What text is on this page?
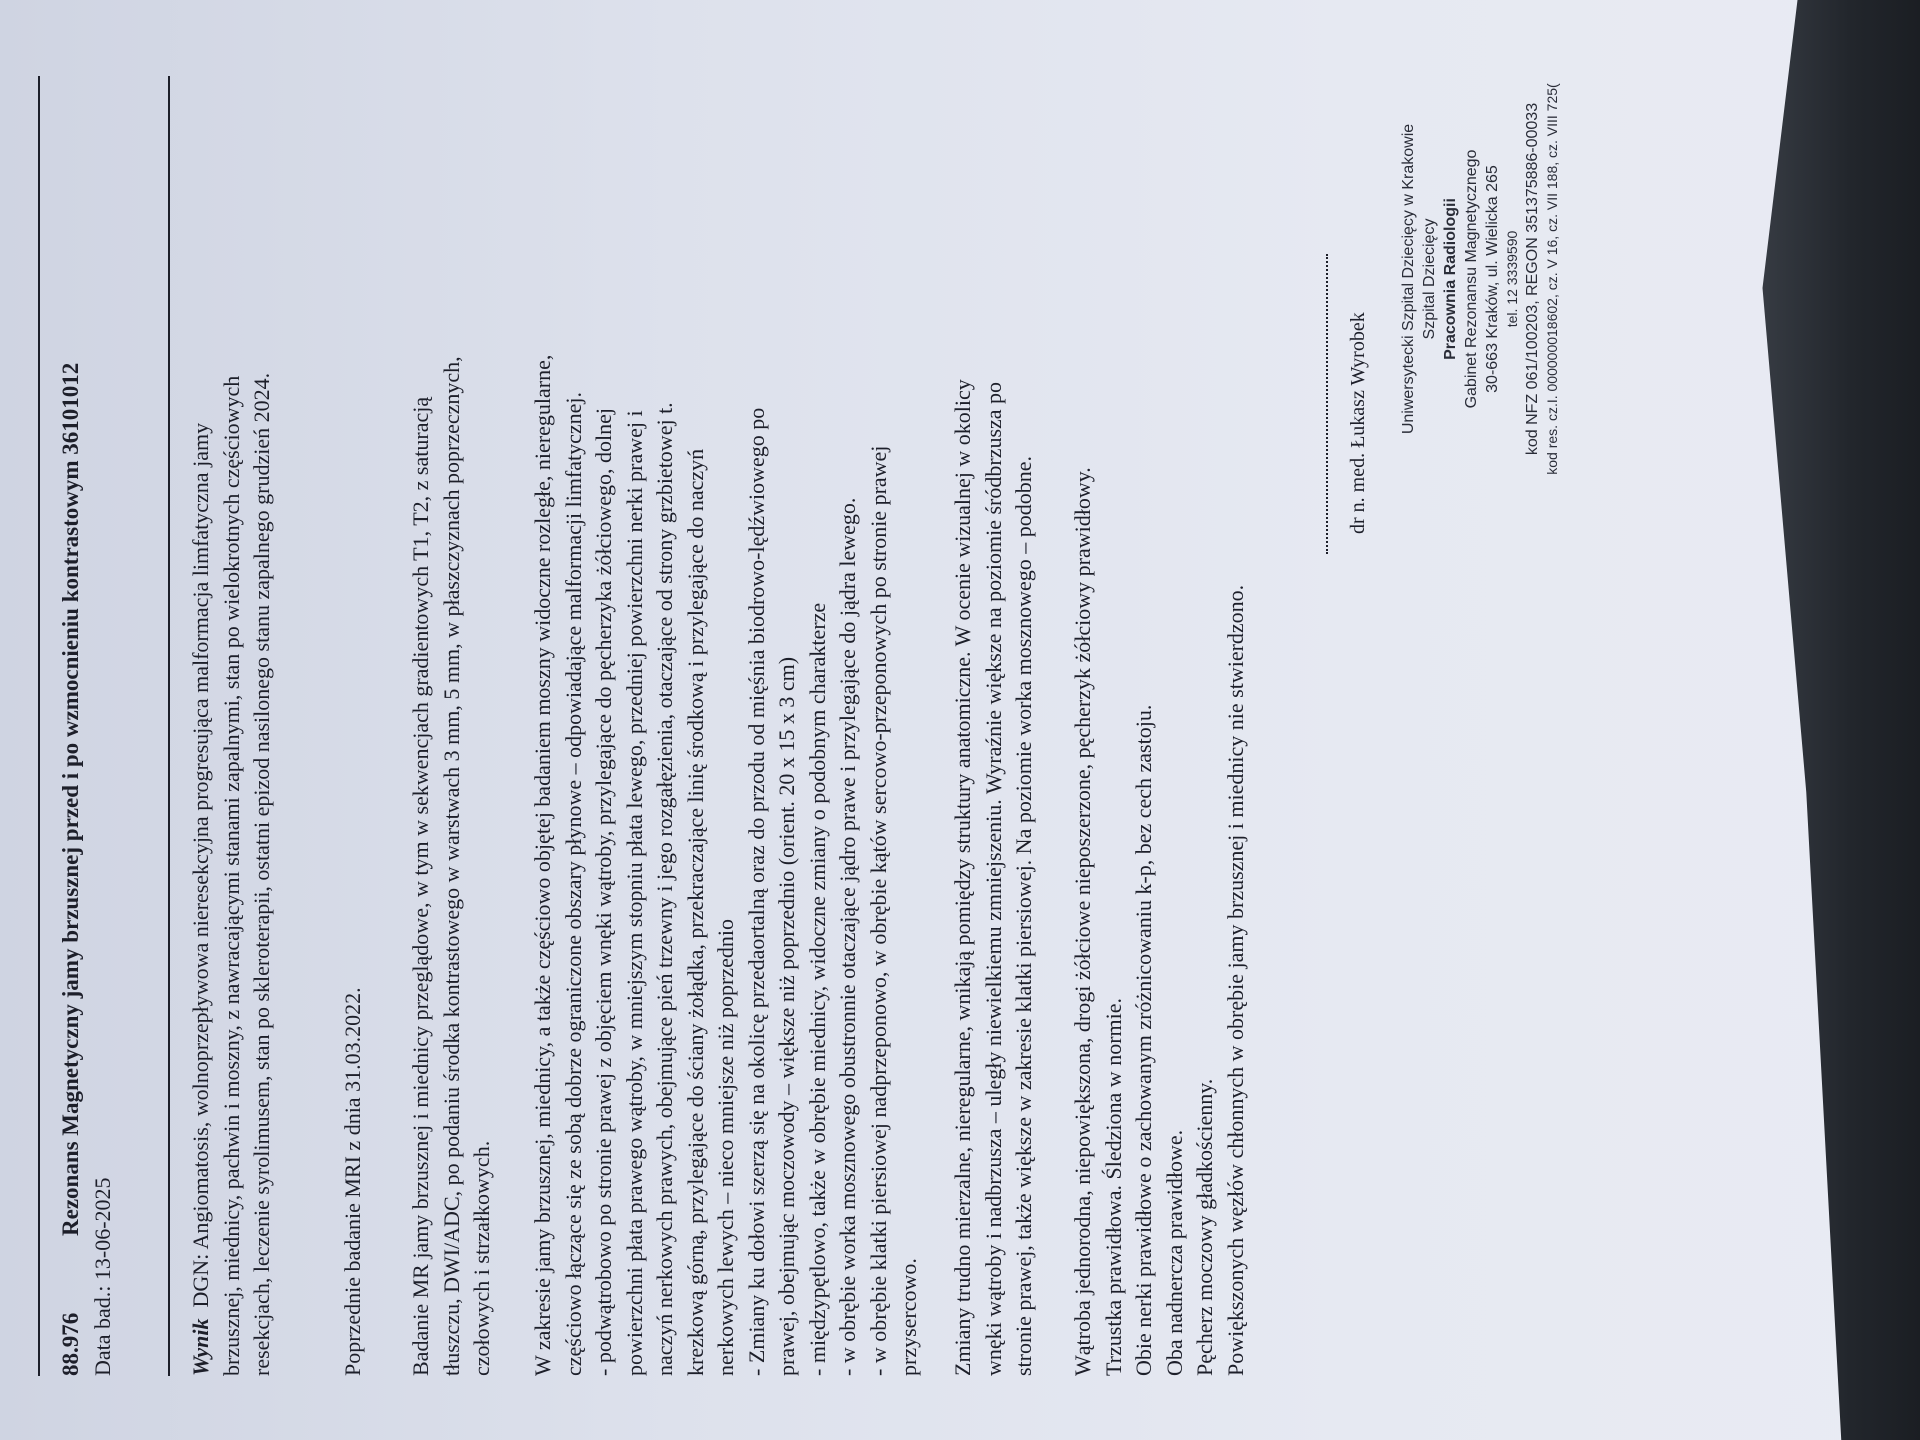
88.976
Rezonans Magnetyczny jamy brzusznej przed i po wzmocnieniu kontrastowym 36101012
Data bad.: 13-06-2025	Wynik  DGN: Angiomatosis, wolnoprzepływowa nieresekcyjna progresująca malformacja limfatyczna jamy brzusznej, miednicy, pachwin i moszny, z nawracającymi stanami zapalnymi, stan po wielokrotnych częściowych resekcjach, leczenie syrolimusem, stan po skleroterapii, ostatni epizod nasilonego stanu zapalnego grudzień 2024.	Poprzednie badanie MRI z dnia 31.03.2022. Badanie MR jamy brzusznej i miednicy przeglądowe, w tym w sekwencjach gradientowych T1, T2, z saturacją tłuszczu, DWI/ADC, po podaniu środka kontrastowego w warstwach 3 mm, 5 mm, w płaszczyznach poprzecznych, czołowych i strzałkowych. W zakresie jamy brzusznej, miednicy, a także częściowo objętej badaniem moszny widoczne rozległe, nieregularne, częściowo łączące się ze sobą dobrze ograniczone obszary płynowe – odpowiadające malformacji limfatycznej. - podwątrobowo po stronie prawej z objęciem wnęki wątroby, przylegające do pęcherzyka żółciowego, dolnej powierzchni płata prawego wątroby, w mniejszym stopniu płata lewego, przedniej powierzchni nerki prawej i naczyń nerkowych prawych, obejmujące pień trzewny i jego rozgałęzienia, otaczające od strony grzbietowej t. krezkową górną, przylegające do ściany żołądka, przekraczające linię środkową i przylegające do naczyń nerkowych lewych – nieco mniejsze niż poprzednio - Zmiany ku dołowi szerzą się na okolicę przedaortalną oraz do przodu od mięśnia biodrowo-lędźwiowego po prawej, obejmując moczowody – większe niż poprzednio (orient. 20 x 15 x 3 cm) - międzypętlowo, także w obrębie miednicy, widoczne zmiany o podobnym charakterze - w obrębie worka mosznowego obustronnie otaczające jądro prawe i przylegające do jądra lewego. - w obrębie klatki piersiowej nadprzeponowo, w obrębie kątów sercowo-przeponowych po stronie prawej przysercowo. Zmiany trudno mierzalne, nieregularne, wnikają pomiędzy struktury anatomiczne. W ocenie wizualnej w okolicy wnęki wątroby i nadbrzusza – uległy niewielkiemu zmniejszeniu. Wyraźnie większe na poziomie śródbrzusza po stronie prawej, także większe w zakresie klatki piersiowej. Na poziomie worka mosznowego – podobne. Wątroba jednorodna, niepowiększona, drogi żółciowe nieposzerzone, pęcherzyk żółciowy prawidłowy. Trzustka prawidłowa. Śledziona w normie. Obie nerki prawidłowe o zachowanym zróżnicowaniu k-p, bez cech zastoju. Oba nadnercza prawidłowe. Pęcherz moczowy gładkościenny. Powiększonych węzłów chłonnych w obrębie jamy brzusznej i miednicy nie stwierdzono.

dr n. med. Łukasz Wyrobek Uniwersytecki Szpital Dziecięcy w Krakowie Szpital Dziecięcy Pracownia Radiologii Gabinet Rezonansu Magnetycznego 30-663 Kraków, ul. Wielicka 265 tel. 12 3339590 kod NFZ 061/100203, REGON 351375886-00033 kod res. cz.I. 000000018602, cz. V 16, cz. VII 188, cz. VIII 725(
